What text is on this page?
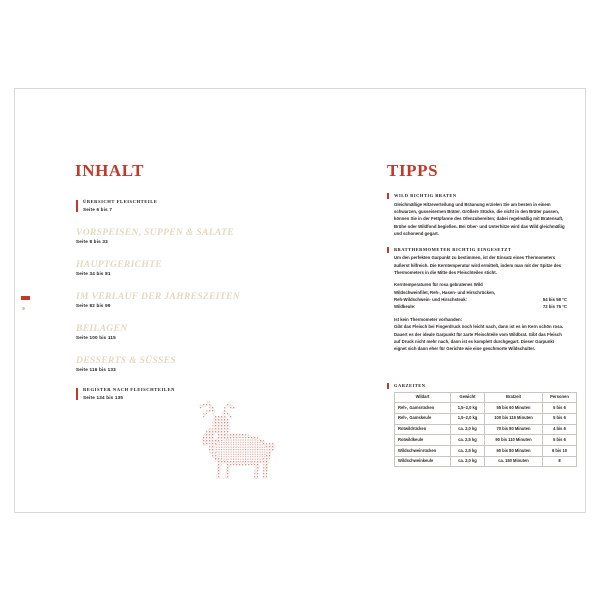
INHALT
ÜBERSICHT FLEISCHTEILE
Seite 6 bis 7
VORSPEISEN, SUPPEN & SALATE
Seite 8 bis 33
HAUPTGERICHTE
Seite 34 bis 81
IM VERLAUF DER JAHRESZEITEN
Seite 82 bis 99
BEILAGEN
Seite 100 bis 115
DESSERTS & SÜSSES
Seite 116 bis 133
REGISTER NACH FLEISCHTEILEN
Seite 134 bis 135
TIPPS
WILD RICHTIG BRATEN
Gleichmäßige Hitzeverteilung und Bräunung erzielen Sie am besten in einem schwarzen, gusseisernen Bräter. Größere Stücke, die nicht in den Bräter passen, können Sie in der Fettpfanne des Ofenzubereiten; dabei regelmäßig mit Bratensaft, Brühe oder Wildfond begießen. Bei Ober- und Unterhitze wird das Wild gleichmäßig und schonend gegart.
BRATTHERMOMETER RICHTIG EINGESETZT
Um den perfekten Garpunkt zu bestimmen, ist der Einsatz eines Thermometers äußerst hilfreich. Die Kerntemperatur wird ermittelt, indem man mit der Spitze des Thermometers in die Mitte des Fleischteiles sticht.
Kerntemperaturen für rosa gebratenes Wild
Wildschweinfilet, Reh-, Hasen- und Hirschrücken,
Reh-Wildschwein- und Hirschsteak:	54 bis 58 °C
Wildkeule:	72 bis 75 °C
Ist kein Thermometer vorhanden:
Gibt das Fleisch bei Fingerdruck noch leicht nach, dann ist es im Kern schön rosa. Dauert es der ideale Garpunkt für zarte Fleischteile vom Wildbrat. Gibt das Fleisch auf Druck nicht mehr nach, dann ist es komplett durchgegart. Dieser Garpunkt eignet sich dann eher für Gerichte wie eine geschmorte Wildschulter.
GARZEITEN
Wildart	Gewicht	Bratzeit	Personen
Reh-, Gamsrücken	1,5–2,0 kg	55 bis 60 Minuten	5 bis 6
Reh-, Gamskeule	1,5–2,0 kg	100 bis 115 Minuten	5 bis 6
Rotwildrücken	ca. 2,0 kg	70 bis 80 Minuten	4 bis 6
Rotwildkeule	ca. 2,5 kg	90 bis 110 Minuten	5 bis 6
Wildschweinrücken	ca. 2,5 kg	60 bis 80 Minuten	6 bis 10
Wildschweinkeule	ca. 2,0 kg	ca. 150 Minuten	8
